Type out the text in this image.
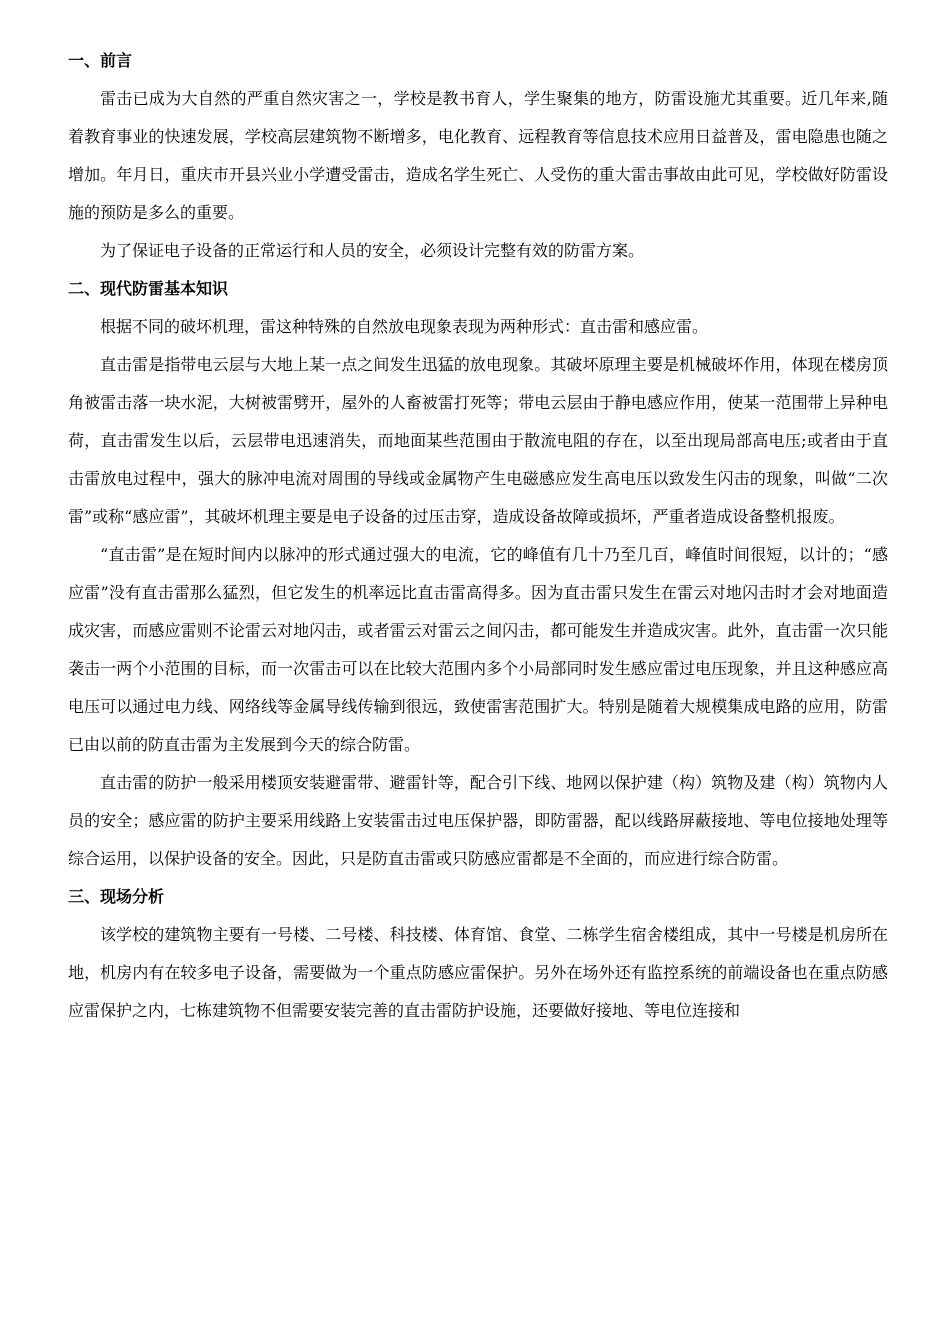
一、前言

雷击已成为大自然的严重自然灾害之一，学校是教书育人，学生聚集的地方，防雷设施尤其重要。近几年来,随着教育事业的快速发展，学校高层建筑物不断增多，电化教育、远程教育等信息技术应用日益普及，雷电隐患也随之增加。年月日，重庆市开县兴业小学遭受雷击，造成名学生死亡、人受伤的重大雷击事故由此可见，学校做好防雷设施的预防是多么的重要。

为了保证电子设备的正常运行和人员的安全，必须设计完整有效的防雷方案。

二、现代防雷基本知识

根据不同的破坏机理，雷这种特殊的自然放电现象表现为两种形式：直击雷和感应雷。

直击雷是指带电云层与大地上某一点之间发生迅猛的放电现象。其破坏原理主要是机械破坏作用，体现在楼房顶角被雷击落一块水泥，大树被雷劈开，屋外的人畜被雷打死等；带电云层由于静电感应作用，使某一范围带上异种电荷，直击雷发生以后，云层带电迅速消失，而地面某些范围由于散流电阻的存在，以至出现局部高电压;或者由于直击雷放电过程中，强大的脉冲电流对周围的导线或金属物产生电磁感应发生高电压以致发生闪击的现象，叫做“二次雷”或称“感应雷”，其破坏机理主要是电子设备的过压击穿，造成设备故障或损坏，严重者造成设备整机报废。

“直击雷”是在短时间内以脉冲的形式通过强大的电流，它的峰值有几十乃至几百，峰值时间很短，以计的；“感应雷”没有直击雷那么猛烈，但它发生的机率远比直击雷高得多。因为直击雷只发生在雷云对地闪击时才会对地面造成灾害，而感应雷则不论雷云对地闪击，或者雷云对雷云之间闪击，都可能发生并造成灾害。此外，直击雷一次只能袭击一两个小范围的目标，而一次雷击可以在比较大范围内多个小局部同时发生感应雷过电压现象，并且这种感应高电压可以通过电力线、网络线等金属导线传输到很远，致使雷害范围扩大。特别是随着大规模集成电路的应用，防雷已由以前的防直击雷为主发展到今天的综合防雷。

直击雷的防护一般采用楼顶安装避雷带、避雷针等，配合引下线、地网以保护建（构）筑物及建（构）筑物内人员的安全；感应雷的防护主要采用线路上安装雷击过电压保护器，即防雷器，配以线路屏蔽接地、等电位接地处理等综合运用，以保护设备的安全。因此，只是防直击雷或只防感应雷都是不全面的，而应进行综合防雷。

三、现场分析

该学校的建筑物主要有一号楼、二号楼、科技楼、体育馆、食堂、二栋学生宿舍楼组成，其中一号楼是机房所在地，机房内有在较多电子设备，需要做为一个重点防感应雷保护。另外在场外还有监控系统的前端设备也在重点防感应雷保护之内，七栋建筑物不但需要安装完善的直击雷防护设施，还要做好接地、等电位连接和
